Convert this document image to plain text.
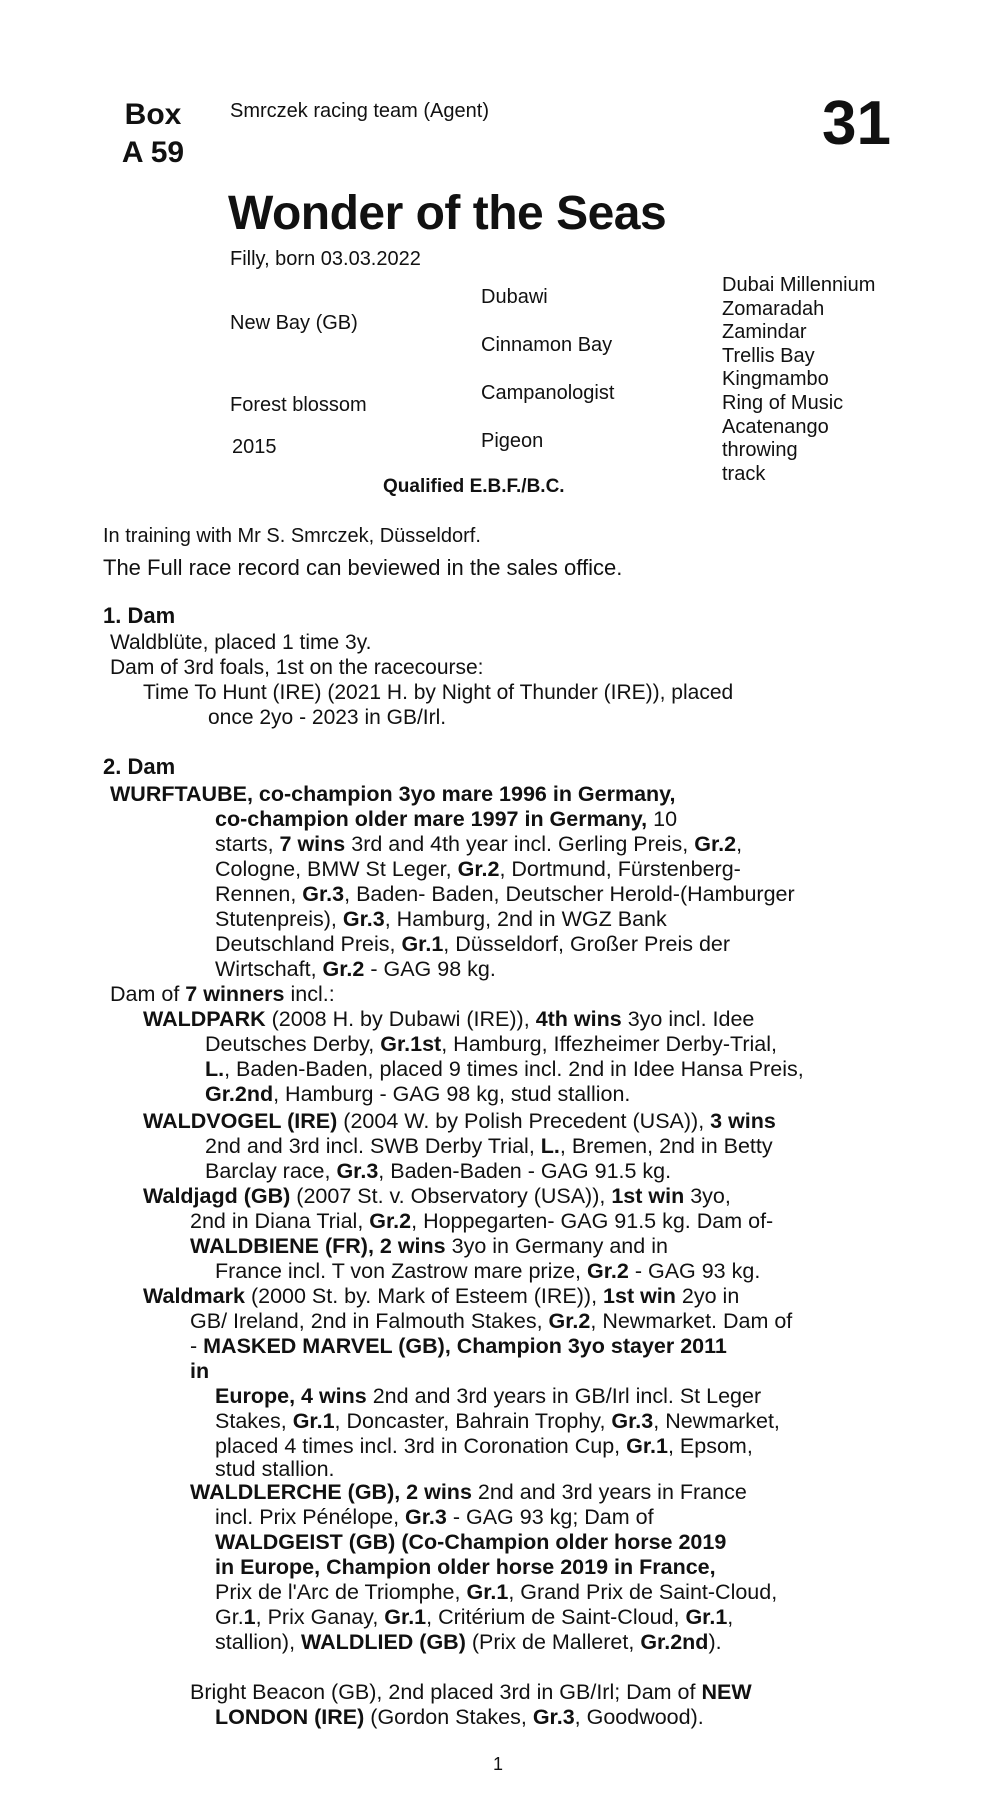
Box
A 59
Smrczek racing team (Agent)	31
Wonder of the Seas
Filly, born 03.03.2022
New Bay (GB)
Forest blossom
2015
Dubawi
Cinnamon Bay
Campanologist
Pigeon
Dubai Millennium
Zomaradah
Zamindar
Trellis Bay
Kingmambo
Ring of Music
Acatenango
throwing
track
Qualified E.B.F./B.C.
In training with Mr S. Smrczek, Düsseldorf.
The Full race record can beviewed in the sales office.
1. Dam
Waldblüte, placed 1 time 3y.
Dam of 3rd foals, 1st on the racecourse:
Time To Hunt (IRE) (2021 H. by Night of Thunder (IRE)), placed
once 2yo - 2023 in GB/Irl.
2. Dam
WURFTAUBE, co-champion 3yo mare 1996 in Germany,
co-champion older mare 1997 in Germany, 10
starts, 7 wins 3rd and 4th year incl. Gerling Preis, Gr.2,
Cologne, BMW St Leger, Gr.2, Dortmund, Fürstenberg-
Rennen, Gr.3, Baden- Baden, Deutscher Herold-(Hamburger
Stutenpreis), Gr.3, Hamburg, 2nd in WGZ Bank
Deutschland Preis, Gr.1, Düsseldorf, Großer Preis der
Wirtschaft, Gr.2 - GAG 98 kg.
Dam of 7 winners incl.:
WALDPARK (2008 H. by Dubawi (IRE)), 4th wins 3yo incl. Idee
Deutsches Derby, Gr.1st, Hamburg, Iffezheimer Derby-Trial,
L., Baden-Baden, placed 9 times incl. 2nd in Idee Hansa Preis,
Gr.2nd, Hamburg - GAG 98 kg, stud stallion.
WALDVOGEL (IRE) (2004 W. by Polish Precedent (USA)), 3 wins
2nd and 3rd incl. SWB Derby Trial, L., Bremen, 2nd in Betty
Barclay race, Gr.3, Baden-Baden - GAG 91.5 kg.
Waldjagd (GB) (2007 St. v. Observatory (USA)), 1st win 3yo,
2nd in Diana Trial, Gr.2, Hoppegarten- GAG 91.5 kg. Dam of-
WALDBIENE (FR), 2 wins 3yo in Germany and in
France incl. T von Zastrow mare prize, Gr.2 - GAG 93 kg.
Waldmark (2000 St. by. Mark of Esteem (IRE)), 1st win 2yo in
GB/ Ireland, 2nd in Falmouth Stakes, Gr.2, Newmarket. Dam of
- MASKED MARVEL (GB), Champion 3yo stayer 2011
in
Europe, 4 wins 2nd and 3rd years in GB/Irl incl. St Leger
Stakes, Gr.1, Doncaster, Bahrain Trophy, Gr.3, Newmarket,
placed 4 times incl. 3rd in Coronation Cup, Gr.1, Epsom,
stud stallion.
WALDLERCHE (GB), 2 wins 2nd and 3rd years in France
incl. Prix Pénélope, Gr.3 - GAG 93 kg; Dam of
WALDGEIST (GB) (Co-Champion older horse 2019
in Europe, Champion older horse 2019 in France,
Prix de l'Arc de Triomphe, Gr.1, Grand Prix de Saint-Cloud,
Gr.1, Prix Ganay, Gr.1, Critérium de Saint-Cloud, Gr.1,
stallion), WALDLIED (GB) (Prix de Malleret, Gr.2nd).
Bright Beacon (GB), 2nd placed 3rd in GB/Irl; Dam of NEW
LONDON (IRE) (Gordon Stakes, Gr.3, Goodwood).
1
